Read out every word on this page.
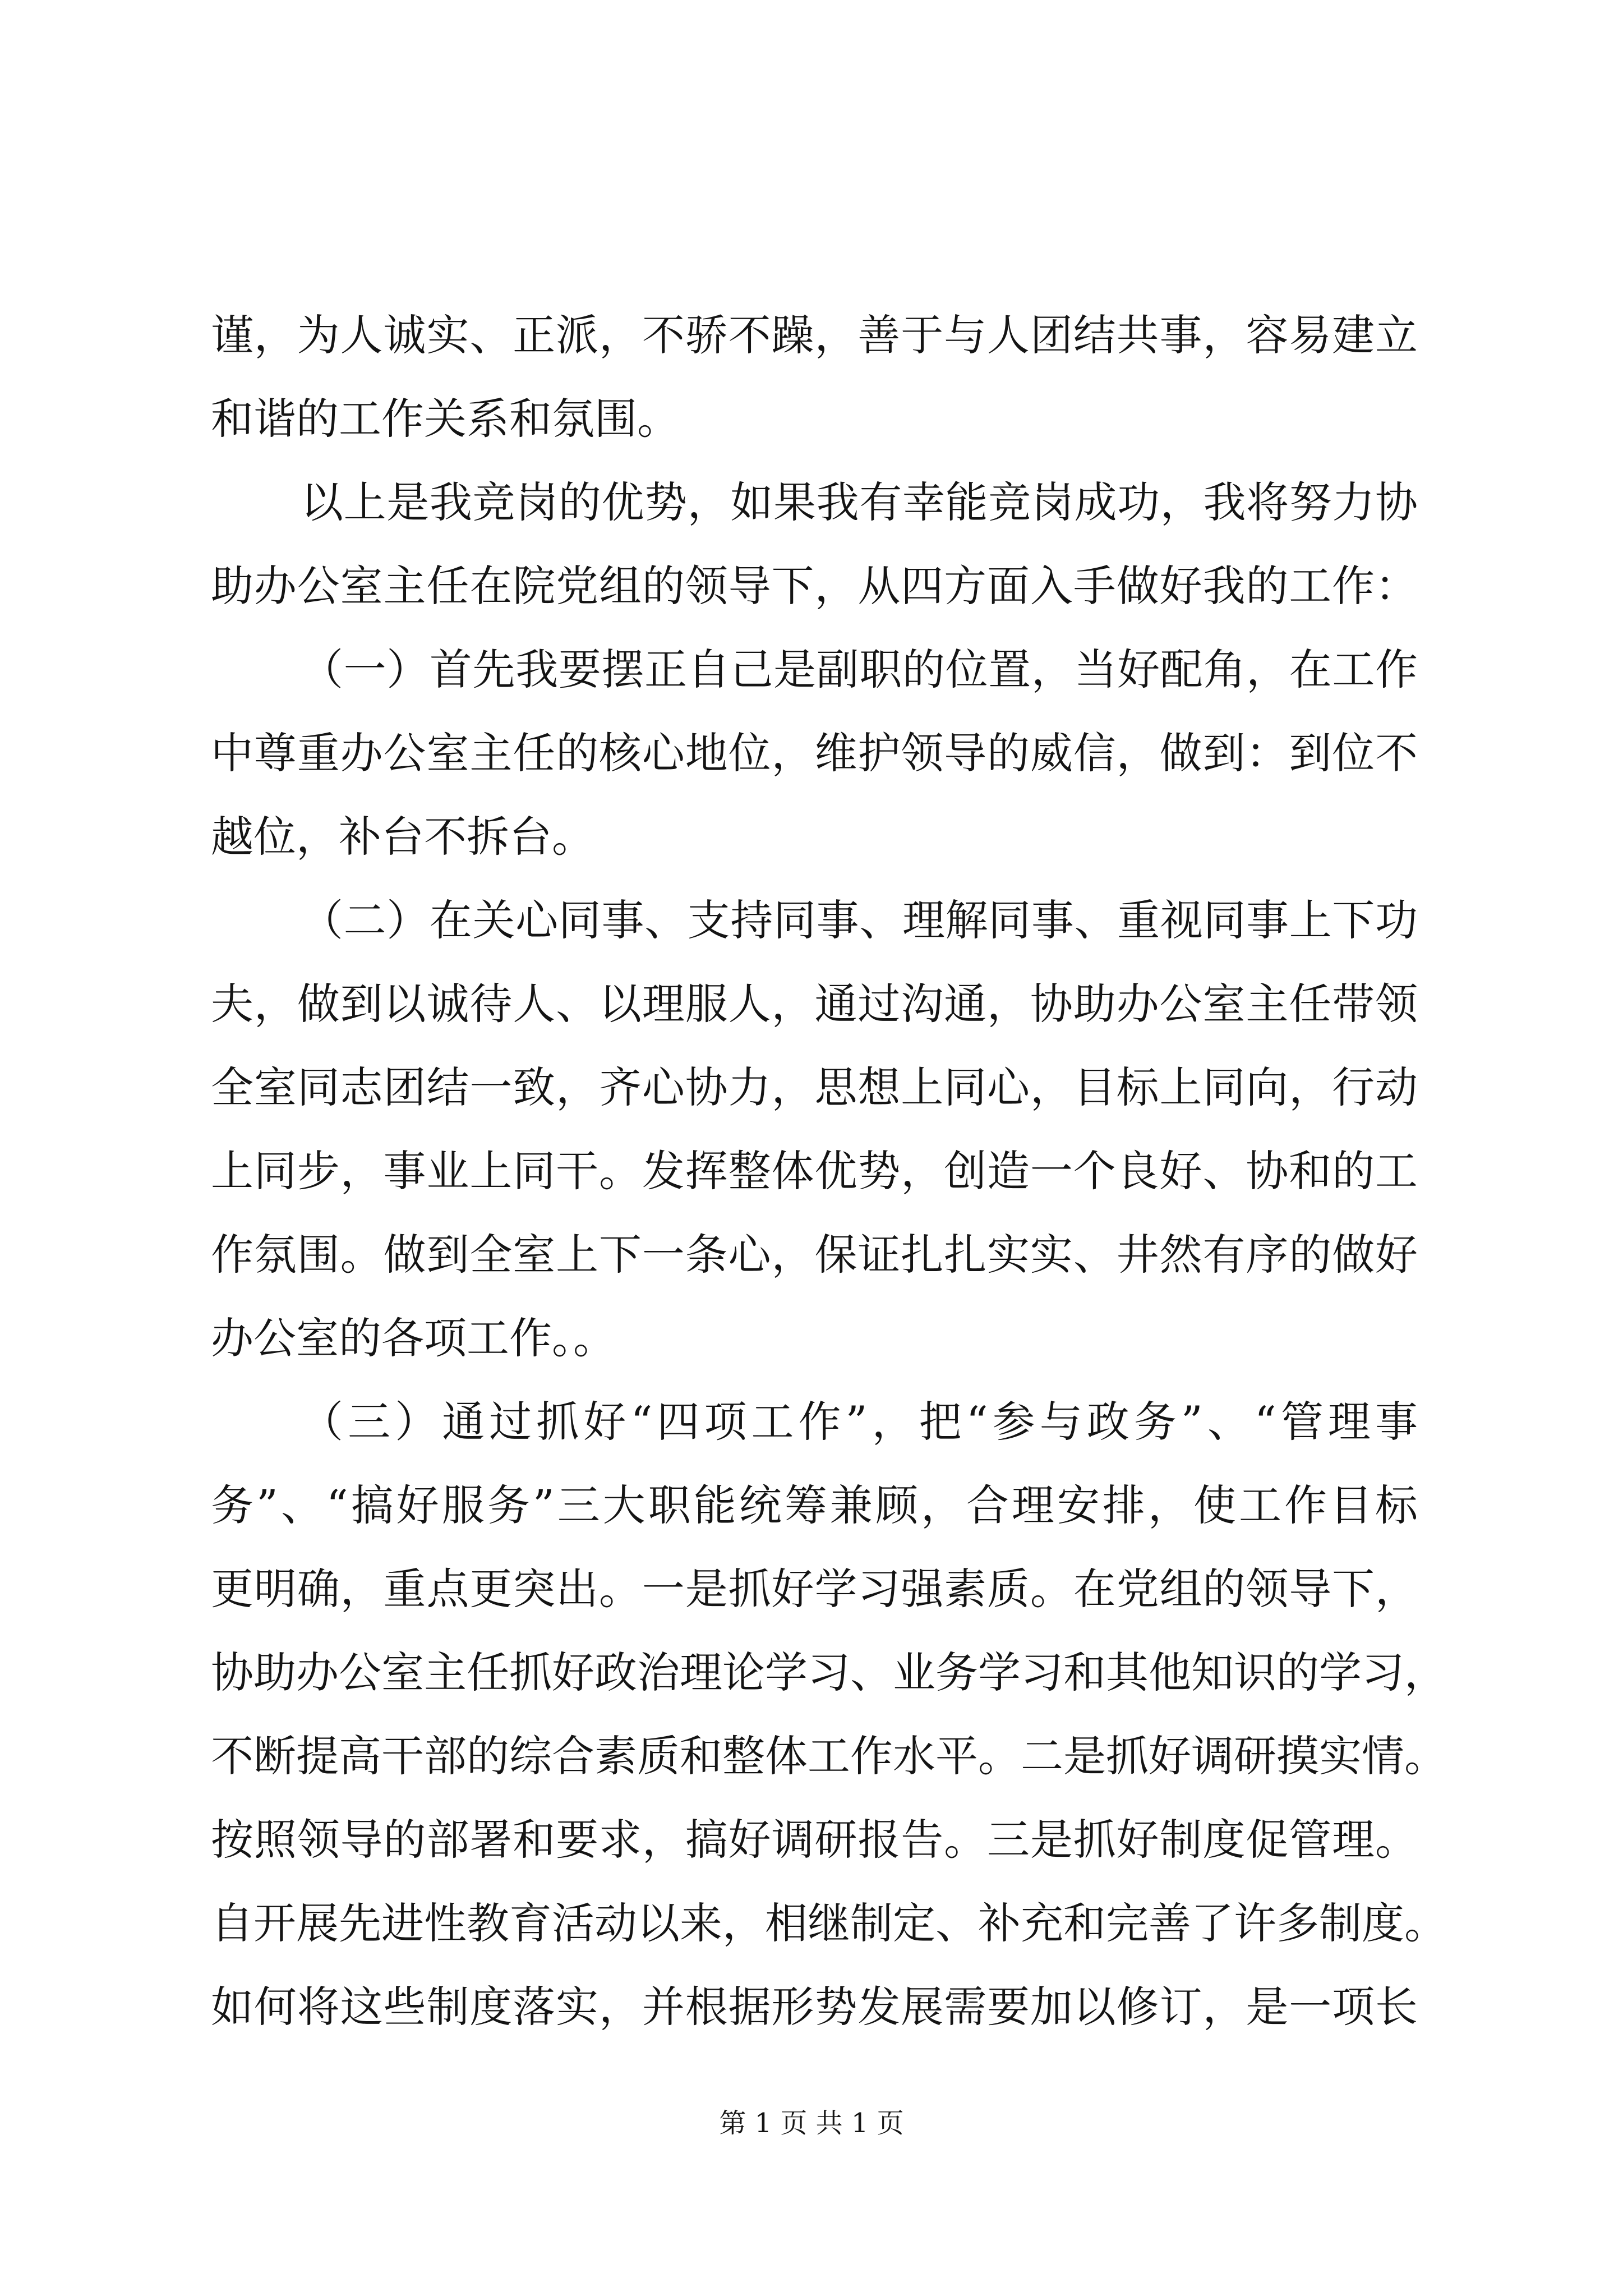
谨，为人诚实、正派，不骄不躁，善于与人团结共事，容易建立
和谐的工作关系和氛围。
以上是我竞岗的优势，如果我有幸能竞岗成功，我将努力协
助办公室主任在院党组的领导下，从四方面入手做好我的工作：
（一）首先我要摆正自己是副职的位置，当好配角，在工作
中尊重办公室主任的核心地位，维护领导的威信，做到：到位不
越位，补台不拆台。
（二）在关心同事、支持同事、理解同事、重视同事上下功
夫，做到以诚待人、以理服人，通过沟通，协助办公室主任带领
全室同志团结一致，齐心协力，思想上同心，目标上同向，行动
上同步，事业上同干。发挥整体优势，创造一个良好、协和的工
作氛围。做到全室上下一条心，保证扎扎实实、井然有序的做好
办公室的各项工作。。
（三）通过抓好“四项工作”，把“参与政务”、“管理事
务”、“搞好服务”三大职能统筹兼顾，合理安排，使工作目标
更明确，重点更突出。一是抓好学习强素质。在党组的领导下，
协助办公室主任抓好政治理论学习、业务学习和其他知识的学习，
不断提高干部的综合素质和整体工作水平。二是抓好调研摸实情。
按照领导的部署和要求，搞好调研报告。三是抓好制度促管理。
自开展先进性教育活动以来，相继制定、补充和完善了许多制度。
如何将这些制度落实，并根据形势发展需要加以修订，是一项长
第 1 页 共 1 页
